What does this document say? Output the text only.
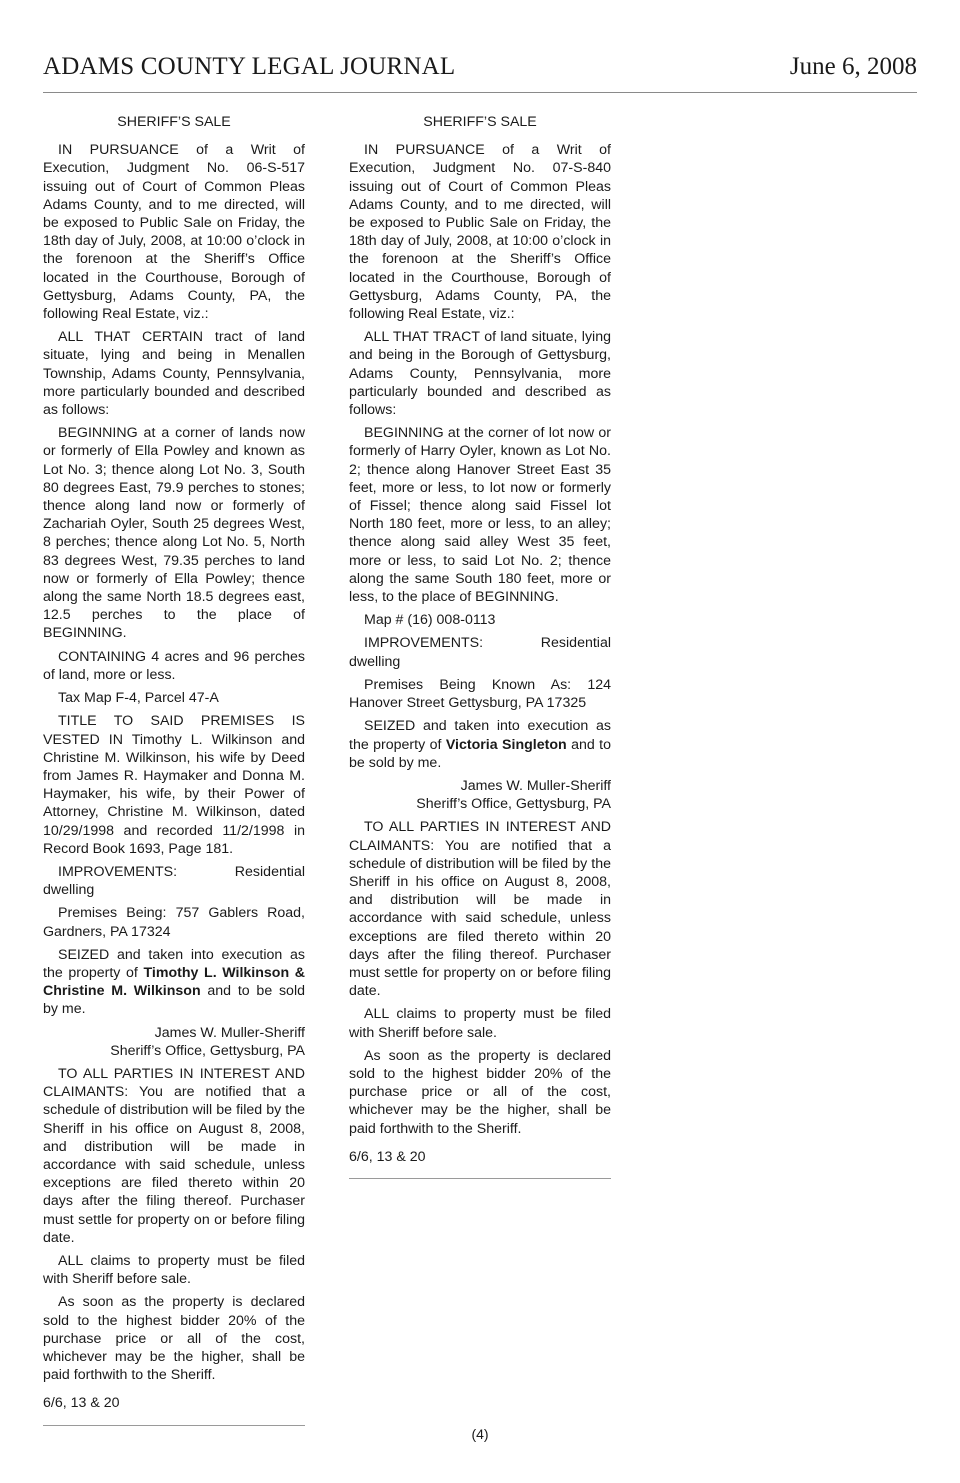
ADAMS COUNTY LEGAL JOURNAL	June 6, 2008
SHERIFF’S SALE

IN PURSUANCE of a Writ of Execution, Judgment No. 06-S-517 issuing out of Court of Common Pleas Adams County, and to me directed, will be exposed to Public Sale on Friday, the 18th day of July, 2008, at 10:00 o’clock in the forenoon at the Sheriff’s Office located in the Courthouse, Borough of Gettysburg, Adams County, PA, the following Real Estate, viz.:

ALL THAT CERTAIN tract of land situate, lying and being in Menallen Township, Adams County, Pennsylvania, more particularly bounded and described as follows:

BEGINNING at a corner of lands now or formerly of Ella Powley and known as Lot No. 3; thence along Lot No. 3, South 80 degrees East, 79.9 perches to stones; thence along land now or formerly of Zachariah Oyler, South 25 degrees West, 8 perches; thence along Lot No. 5, North 83 degrees West, 79.35 perches to land now or formerly of Ella Powley; thence along the same North 18.5 degrees east, 12.5 perches to the place of BEGINNING.

CONTAINING 4 acres and 96 perches of land, more or less.

Tax Map F-4, Parcel 47-A

TITLE TO SAID PREMISES IS VESTED IN Timothy L. Wilkinson and Christine M. Wilkinson, his wife by Deed from James R. Haymaker and Donna M. Haymaker, his wife, by their Power of Attorney, Christine M. Wilkinson, dated 10/29/1998 and recorded 11/2/1998 in Record Book 1693, Page 181.

IMPROVEMENTS: Residential dwelling

Premises Being: 757 Gablers Road, Gardners, PA 17324

SEIZED and taken into execution as the property of Timothy L. Wilkinson & Christine M. Wilkinson and to be sold by me.

James W. Muller-Sheriff
Sheriff’s Office, Gettysburg, PA

TO ALL PARTIES IN INTEREST AND CLAIMANTS: You are notified that a schedule of distribution will be filed by the Sheriff in his office on August 8, 2008, and distribution will be made in accordance with said schedule, unless exceptions are filed thereto within 20 days after the filing thereof. Purchaser must settle for property on or before filing date.

ALL claims to property must be filed with Sheriff before sale.

As soon as the property is declared sold to the highest bidder 20% of the purchase price or all of the cost, whichever may be the higher, shall be paid forthwith to the Sheriff.

6/6, 13 & 20

SHERIFF’S SALE

IN PURSUANCE of a Writ of Execution, Judgment No. 07-S-840 issuing out of Court of Common Pleas Adams County, and to me directed, will be exposed to Public Sale on Friday, the 18th day of July, 2008, at 10:00 o’clock in the forenoon at the Sheriff’s Office located in the Courthouse, Borough of Gettysburg, Adams County, PA, the following Real Estate, viz.:

ALL THAT TRACT of land situate, lying and being in the Borough of Gettysburg, Adams County, Pennsylvania, more particularly bounded and described as follows:

BEGINNING at the corner of lot now or formerly of Harry Oyler, known as Lot No. 2; thence along Hanover Street East 35 feet, more or less, to lot now or formerly of Fissel; thence along said Fissel lot North 180 feet, more or less, to an alley; thence along said alley West 35 feet, more or less, to said Lot No. 2; thence along the same South 180 feet, more or less, to the place of BEGINNING.

Map # (16) 008-0113

IMPROVEMENTS: Residential dwelling

Premises Being Known As: 124 Hanover Street Gettysburg, PA 17325

SEIZED and taken into execution as the property of Victoria Singleton and to be sold by me.

James W. Muller-Sheriff
Sheriff’s Office, Gettysburg, PA

TO ALL PARTIES IN INTEREST AND CLAIMANTS: You are notified that a schedule of distribution will be filed by the Sheriff in his office on August 8, 2008, and distribution will be made in accordance with said schedule, unless exceptions are filed thereto within 20 days after the filing thereof. Purchaser must settle for property on or before filing date.

ALL claims to property must be filed with Sheriff before sale.

As soon as the property is declared sold to the highest bidder 20% of the purchase price or all of the cost, whichever may be the higher, shall be paid forthwith to the Sheriff.

6/6, 13 & 20

(4)
